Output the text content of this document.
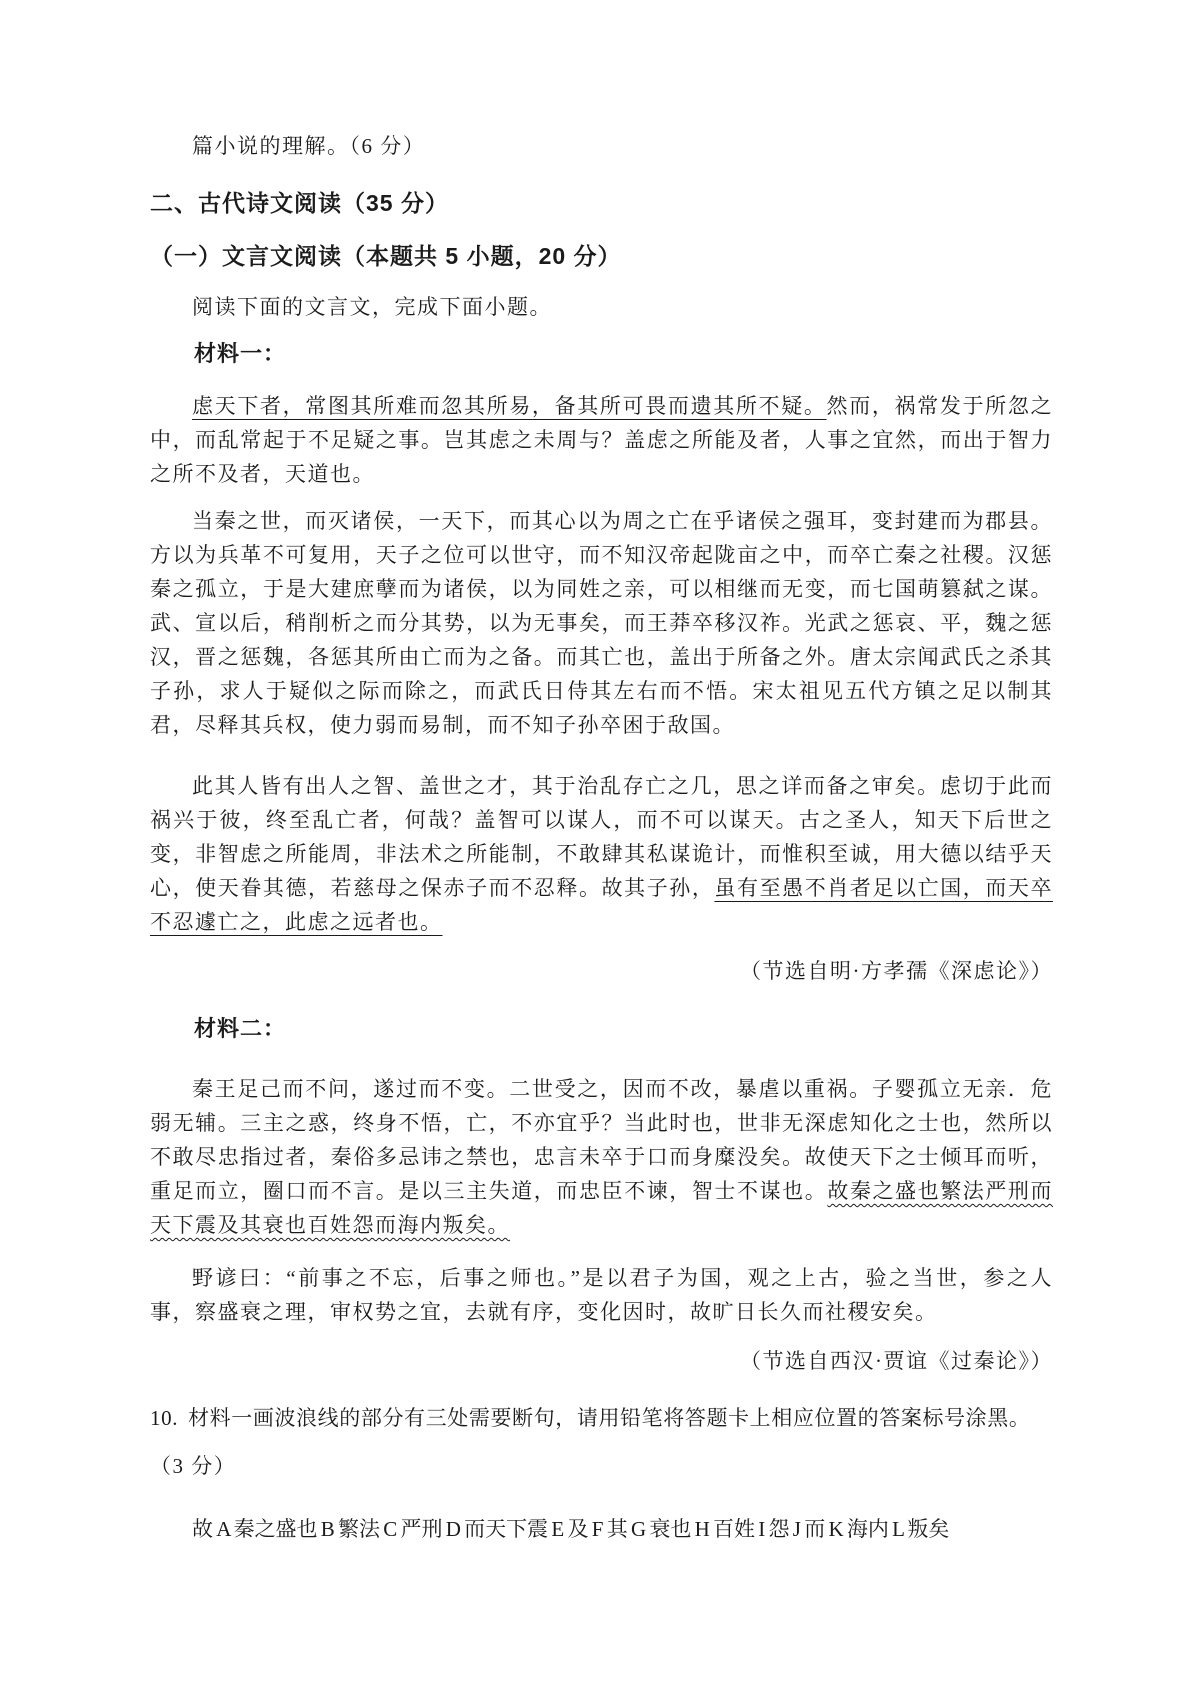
篇小说的理解。（6 分）
二、古代诗文阅读（35 分）
（一）文言文阅读（本题共 5 小题，20 分）
阅读下面的文言文，完成下面小题。
材料一：
虑天下者，常图其所难而忽其所易，备其所可畏而遗其所不疑。然而，祸常发于所忽之中，而乱常起于不足疑之事。岂其虑之未周与？盖虑之所能及者，人事之宜然，而出于智力之所不及者，天道也。
当秦之世，而灭诸侯，一天下，而其心以为周之亡在乎诸侯之强耳，变封建而为郡县。方以为兵革不可复用，天子之位可以世守，而不知汉帝起陇亩之中，而卒亡秦之社稷。汉惩秦之孤立，于是大建庶孽而为诸侯，以为同姓之亲，可以相继而无变，而七国萌篡弑之谋。武、宣以后，稍削析之而分其势，以为无事矣，而王莽卒移汉祚。光武之惩哀、平，魏之惩汉，晋之惩魏，各惩其所由亡而为之备。而其亡也，盖出于所备之外。唐太宗闻武氏之杀其子孙，求人于疑似之际而除之，而武氏日侍其左右而不悟。宋太祖见五代方镇之足以制其君，尽释其兵权，使力弱而易制，而不知子孙卒困于敌国。
此其人皆有出人之智、盖世之才，其于治乱存亡之几，思之详而备之审矣。虑切于此而祸兴于彼，终至乱亡者，何哉？盖智可以谋人，而不可以谋天。古之圣人，知天下后世之变，非智虑之所能周，非法术之所能制，不敢肆其私谋诡计，而惟积至诚，用大德以结乎天心，使天眷其德，若慈母之保赤子而不忍释。故其子孙，虽有至愚不肖者足以亡国，而天卒不忍遽亡之，此虑之远者也。
（节选自明·方孝孺《深虑论》）
材料二：
秦王足己而不问，遂过而不变。二世受之，因而不改，暴虐以重祸。子婴孤立无亲．危弱无辅。三主之惑，终身不悟，亡，不亦宜乎？当此时也，世非无深虑知化之士也，然所以不敢尽忠指过者，秦俗多忌讳之禁也，忠言未卒于口而身糜没矣。故使天下之士倾耳而听，重足而立，圈口而不言。是以三主失道，而忠臣不谏，智士不谋也。故秦之盛也繁法严刑而天下震及其衰也百姓怨而海内叛矣。
野谚曰：“前事之不忘，后事之师也。”是以君子为国，观之上古，验之当世，参之人事，察盛衰之理，审权势之宜，去就有序，变化因时，故旷日长久而社稷安矣。
（节选自西汉·贾谊《过秦论》）
10. 材料一画波浪线的部分有三处需要断句，请用铅笔将答题卡上相应位置的答案标号涂黑。
（3 分）
故 A 秦之盛也 B 繁法 C 严刑 D 而天下震 E 及 F 其 G 衰也 H 百姓 I 怨 J 而 K 海内 L 叛矣
